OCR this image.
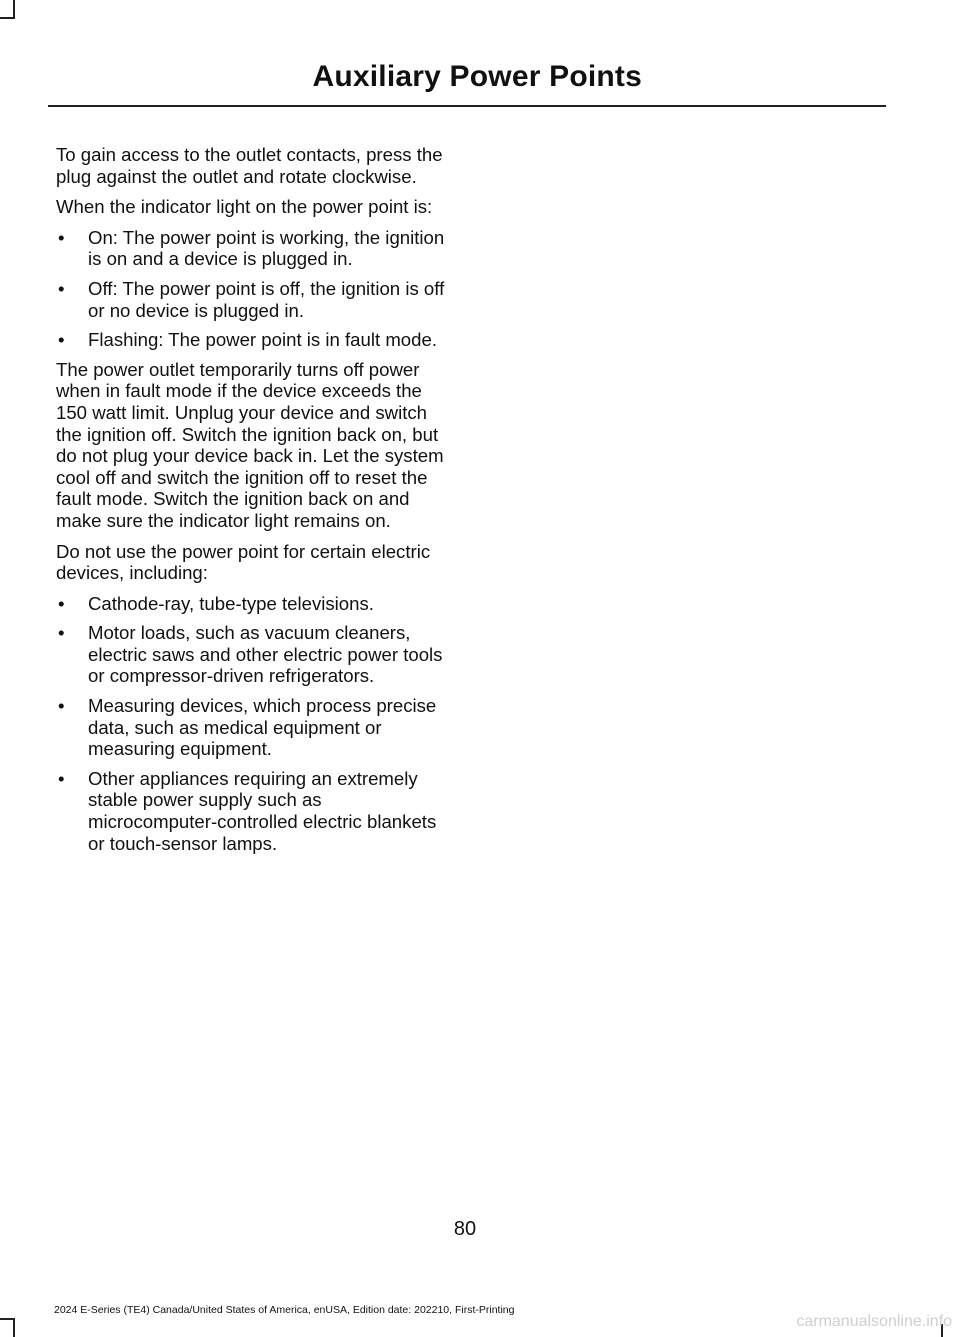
Auxiliary Power Points

To gain access to the outlet contacts, press the plug against the outlet and rotate clockwise.

When the indicator light on the power point is:

• On: The power point is working, the ignition is on and a device is plugged in.
• Off: The power point is off, the ignition is off or no device is plugged in.
• Flashing: The power point is in fault mode.

The power outlet temporarily turns off power when in fault mode if the device exceeds the 150 watt limit. Unplug your device and switch the ignition off. Switch the ignition back on, but do not plug your device back in. Let the system cool off and switch the ignition off to reset the fault mode. Switch the ignition back on and make sure the indicator light remains on.

Do not use the power point for certain electric devices, including:

• Cathode-ray, tube-type televisions.
• Motor loads, such as vacuum cleaners, electric saws and other electric power tools or compressor-driven refrigerators.
• Measuring devices, which process precise data, such as medical equipment or measuring equipment.
• Other appliances requiring an extremely stable power supply such as microcomputer-controlled electric blankets or touch-sensor lamps.
80
2024 E-Series (TE4) Canada/United States of America, enUSA, Edition date: 202210, First-Printing
carmanualsonline.info
